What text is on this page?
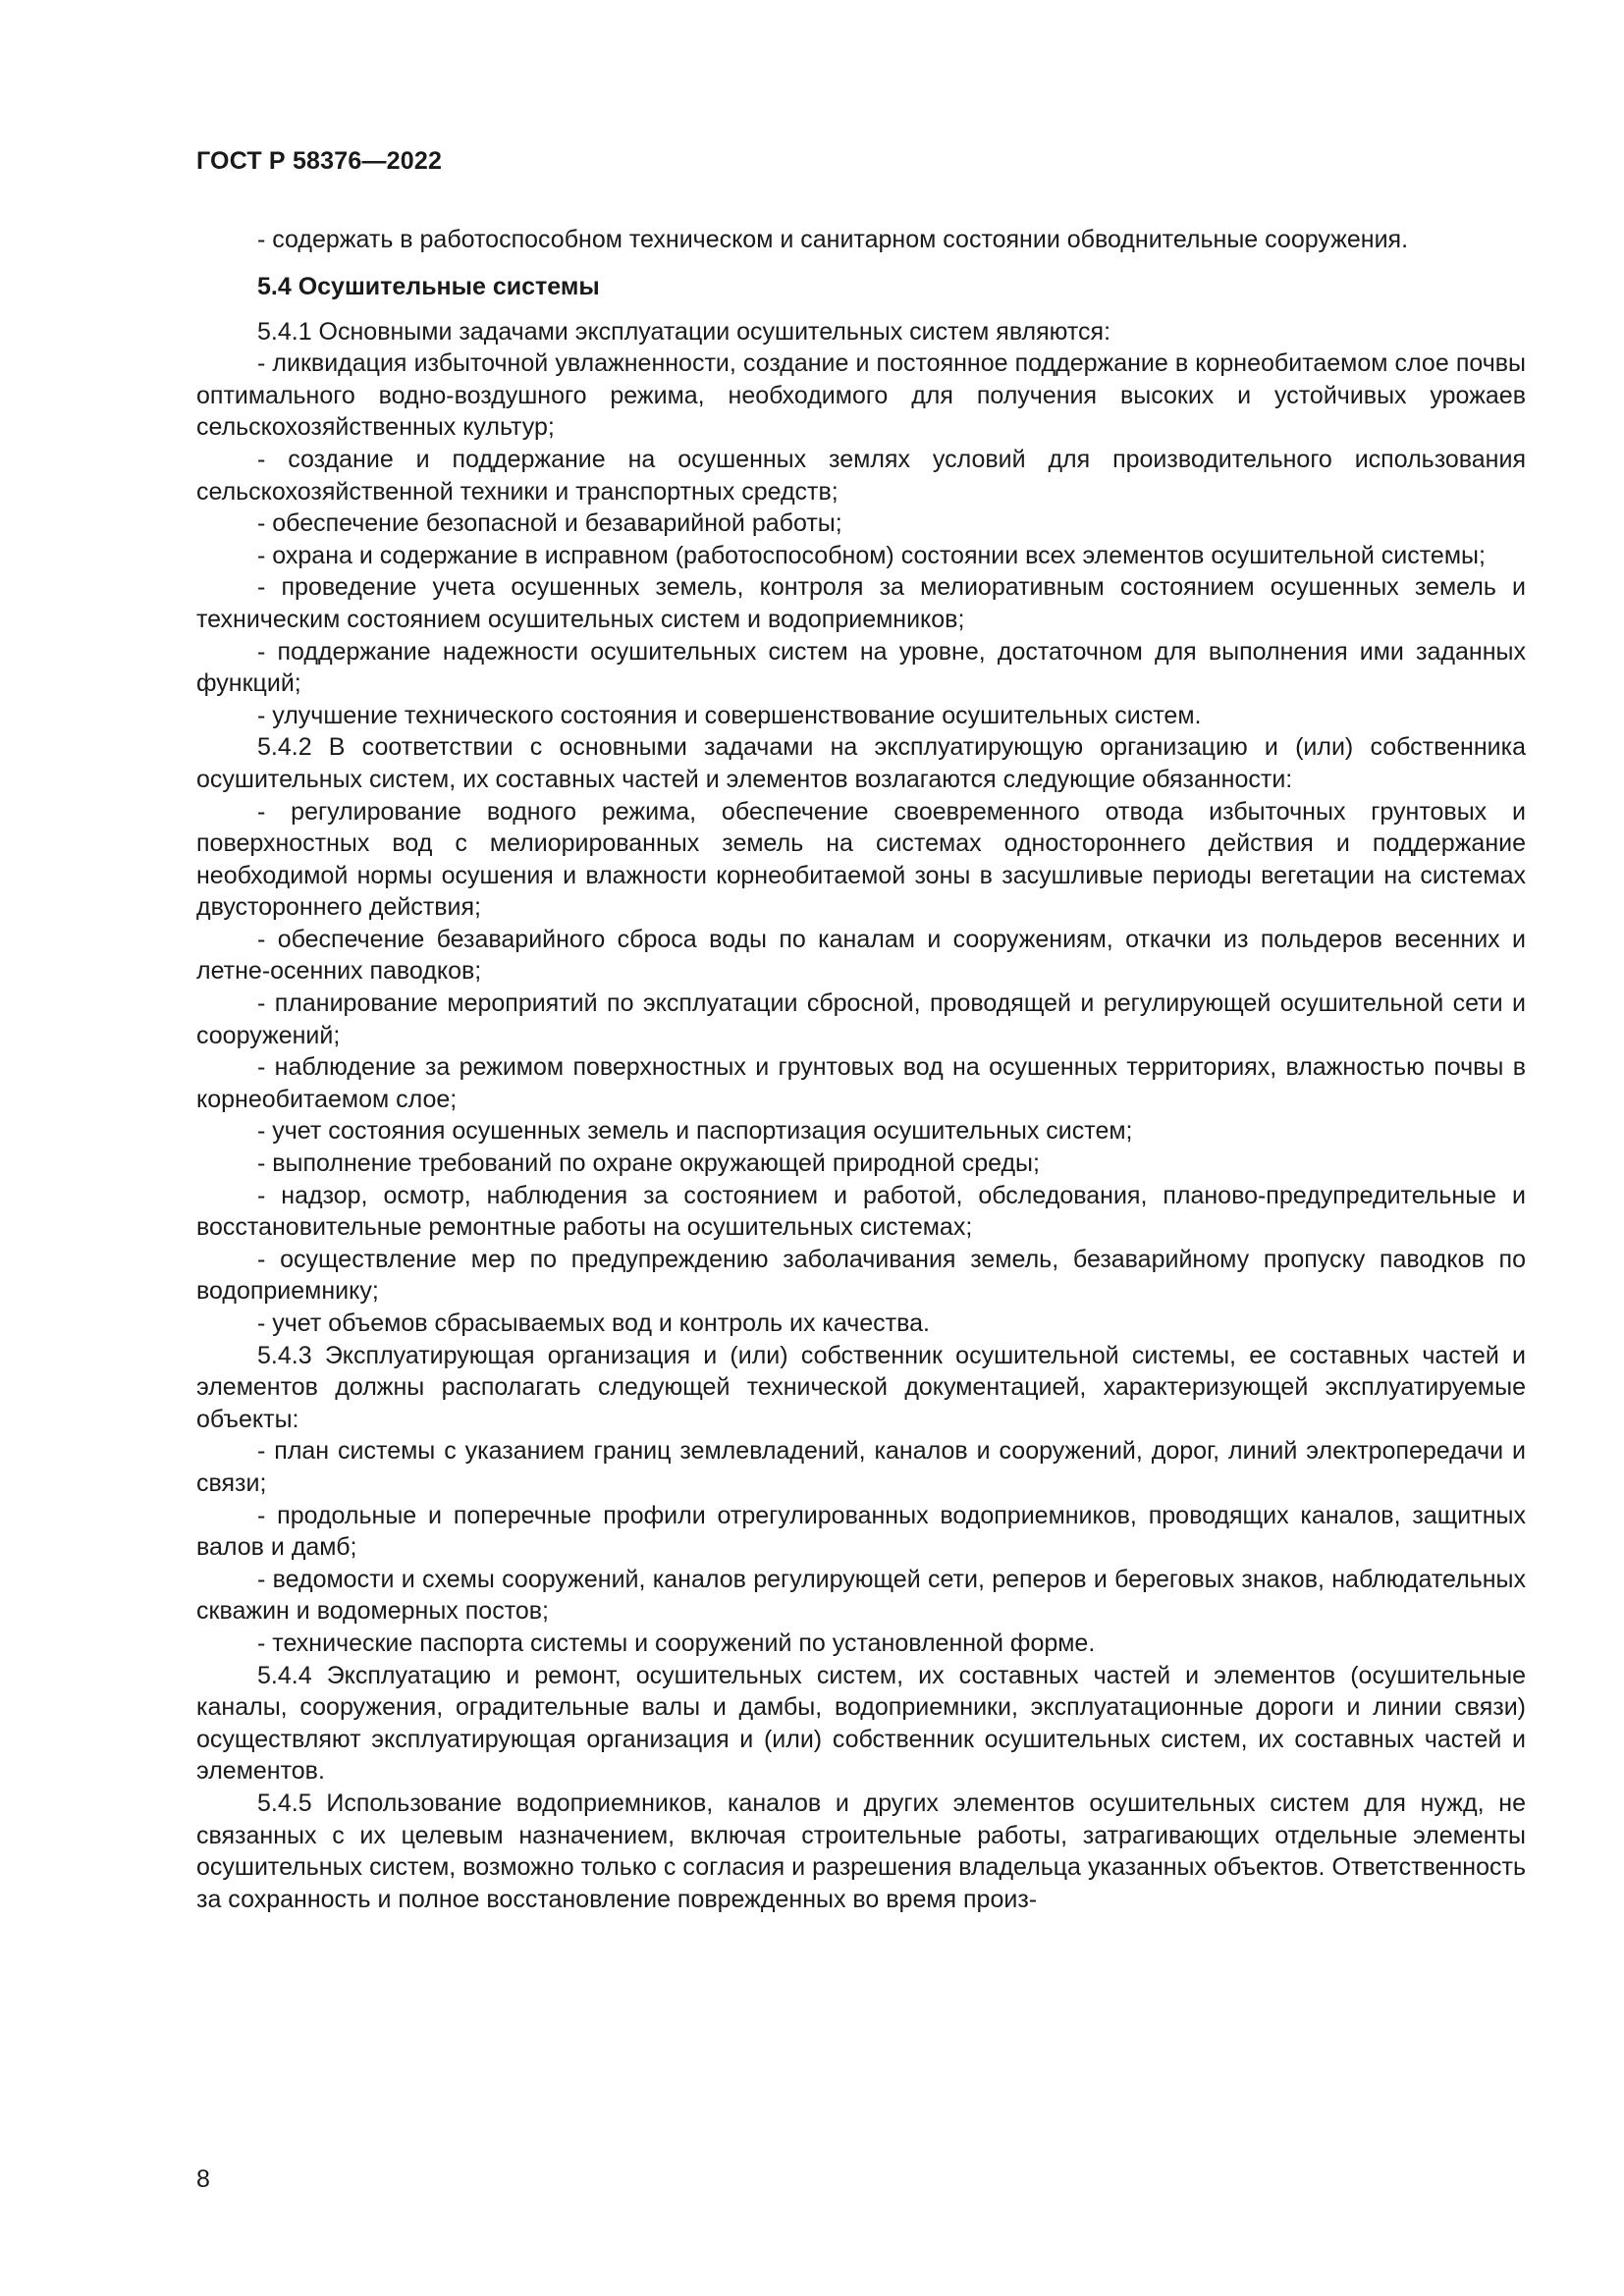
ГОСТ Р 58376—2022

- содержать в работоспособном техническом и санитарном состоянии обводнительные сооружения.

5.4 Осушительные системы

5.4.1 Основными задачами эксплуатации осушительных систем являются:

- ликвидация избыточной увлажненности, создание и постоянное поддержание в корнеобитаемом слое почвы оптимального водно-воздушного режима, необходимого для получения высоких и устойчивых урожаев сельскохозяйственных культур;

- создание и поддержание на осушенных землях условий для производительного использования сельскохозяйственной техники и транспортных средств;

- обеспечение безопасной и безаварийной работы;

- охрана и содержание в исправном (работоспособном) состоянии всех элементов осушительной системы;

- проведение учета осушенных земель, контроля за мелиоративным состоянием осушенных земель и техническим состоянием осушительных систем и водоприемников;

- поддержание надежности осушительных систем на уровне, достаточном для выполнения ими заданных функций;

- улучшение технического состояния и совершенствование осушительных систем.

5.4.2 В соответствии с основными задачами на эксплуатирующую организацию и (или) собственника осушительных систем, их составных частей и элементов возлагаются следующие обязанности:

- регулирование водного режима, обеспечение своевременного отвода избыточных грунтовых и поверхностных вод с мелиорированных земель на системах одностороннего действия и поддержание необходимой нормы осушения и влажности корнеобитаемой зоны в засушливые периоды вегетации на системах двустороннего действия;

- обеспечение безаварийного сброса воды по каналам и сооружениям, откачки из польдеров весенних и летне-осенних паводков;

- планирование мероприятий по эксплуатации сбросной, проводящей и регулирующей осушительной сети и сооружений;

- наблюдение за режимом поверхностных и грунтовых вод на осушенных территориях, влажностью почвы в корнеобитаемом слое;

- учет состояния осушенных земель и паспортизация осушительных систем;

- выполнение требований по охране окружающей природной среды;

- надзор, осмотр, наблюдения за состоянием и работой, обследования, планово-предупредительные и восстановительные ремонтные работы на осушительных системах;

- осуществление мер по предупреждению заболачивания земель, безаварийному пропуску паводков по водоприемнику;

- учет объемов сбрасываемых вод и контроль их качества.

5.4.3 Эксплуатирующая организация и (или) собственник осушительной системы, ее составных частей и элементов должны располагать следующей технической документацией, характеризующей эксплуатируемые объекты:

- план системы с указанием границ землевладений, каналов и сооружений, дорог, линий электропередачи и связи;

- продольные и поперечные профили отрегулированных водоприемников, проводящих каналов, защитных валов и дамб;

- ведомости и схемы сооружений, каналов регулирующей сети, реперов и береговых знаков, наблюдательных скважин и водомерных постов;

- технические паспорта системы и сооружений по установленной форме.

5.4.4 Эксплуатацию и ремонт, осушительных систем, их составных частей и элементов (осушительные каналы, сооружения, оградительные валы и дамбы, водоприемники, эксплуатационные дороги и линии связи) осуществляют эксплуатирующая организация и (или) собственник осушительных систем, их составных частей и элементов.

5.4.5 Использование водоприемников, каналов и других элементов осушительных систем для нужд, не связанных с их целевым назначением, включая строительные работы, затрагивающих отдельные элементы осушительных систем, возможно только с согласия и разрешения владельца указанных объектов. Ответственность за сохранность и полное восстановление поврежденных во время произ-

8
